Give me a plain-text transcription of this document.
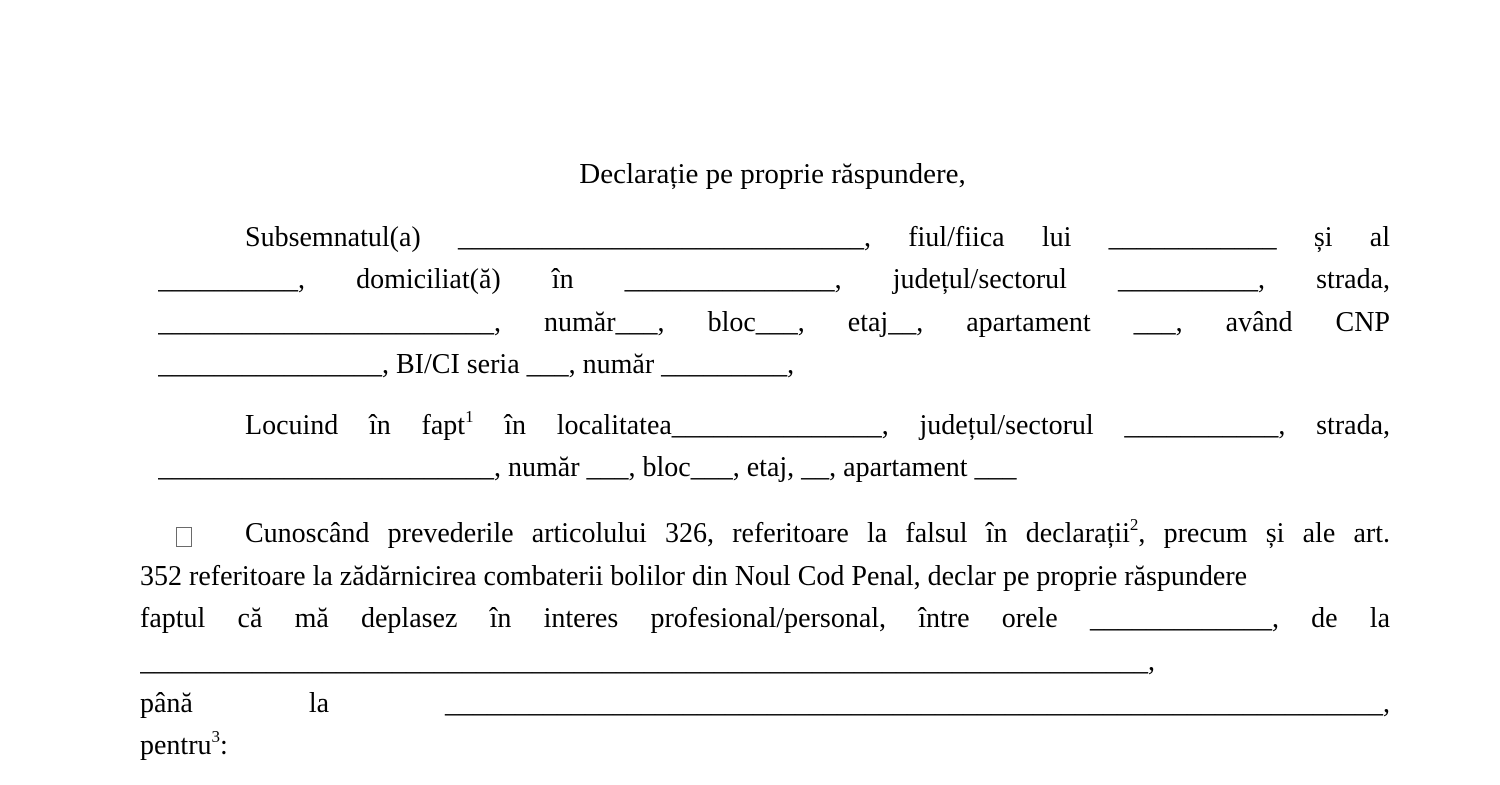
Declarație pe proprie răspundere,
Subsemnatul(a) _____________________________, fiul/fiica lui ____________ și al
__________, domiciliat(ă) în _______________, județul/sectorul __________, strada,
________________________, număr___, bloc___, etaj__, apartament ___, având CNP
________________, BI/CI seria ___, număr _________,
Locuind în fapt$^1$ în localitatea_______________, județul/sectorul ___________, strada,
________________________, număr ___, bloc___, etaj, __, apartament ___
Cunoscând prevederile articolului 326, referitoare la falsul în declarații$^2$, precum și ale art.
352 referitoare la zădărnicirea combaterii bolilor din Noul Cod Penal, declar pe proprie răspundere
faptul că mă deplasez în interes profesional/personal, între orele _____________, de la
________________________________________________________________________,
până la ___________________________________________________________________,
pentru$^3$:
